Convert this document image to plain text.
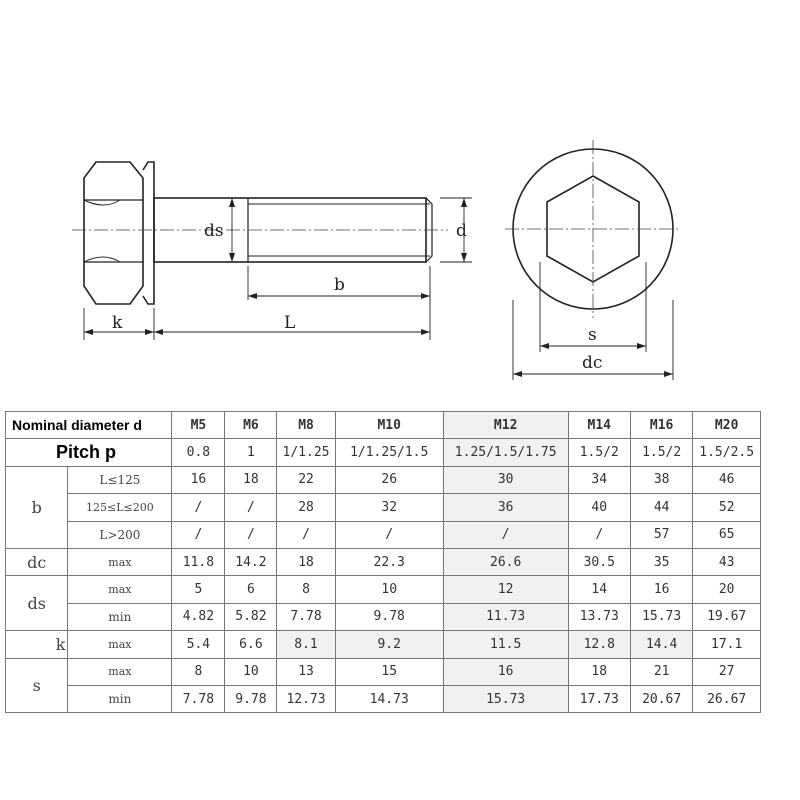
ds	d
b
k	L
s
dc
Nominal diameter d		M5	M6	M8	M10	M12	M14	M16	M20
Pitch p		0.8	1	1/1.25	1/1.25/1.5	1.25/1.5/1.75	1.5/2	1.5/2	1.5/2.5
b	L≤125	16	18	22	26	30	34	38	46
	125≤L≤200	/	/	28	32	36	40	44	52
	L>200	/	/	/	/	/	/	57	65
dc	max	11.8	14.2	18	22.3	26.6	30.5	35	43
ds	max	5	6	8	10	12	14	16	20
	min	4.82	5.82	7.78	9.78	11.73	13.73	15.73	19.67
k	max	5.4	6.6	8.1	9.2	11.5	12.8	14.4	17.1
s	max	8	10	13	15	16	18	21	27
	min	7.78	9.78	12.73	14.73	15.73	17.73	20.67	26.67
